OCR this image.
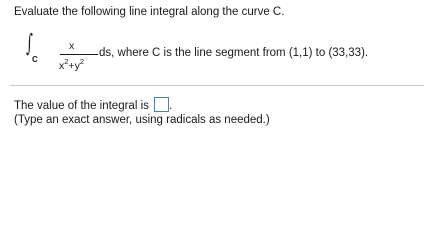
Evaluate the following line integral along the curve C.
∫
C
x
$x^2+y^2$
ds, where C is the line segment from (1,1) to (33,33).
The value of the integral is .
(Type an exact answer, using radicals as needed.)
